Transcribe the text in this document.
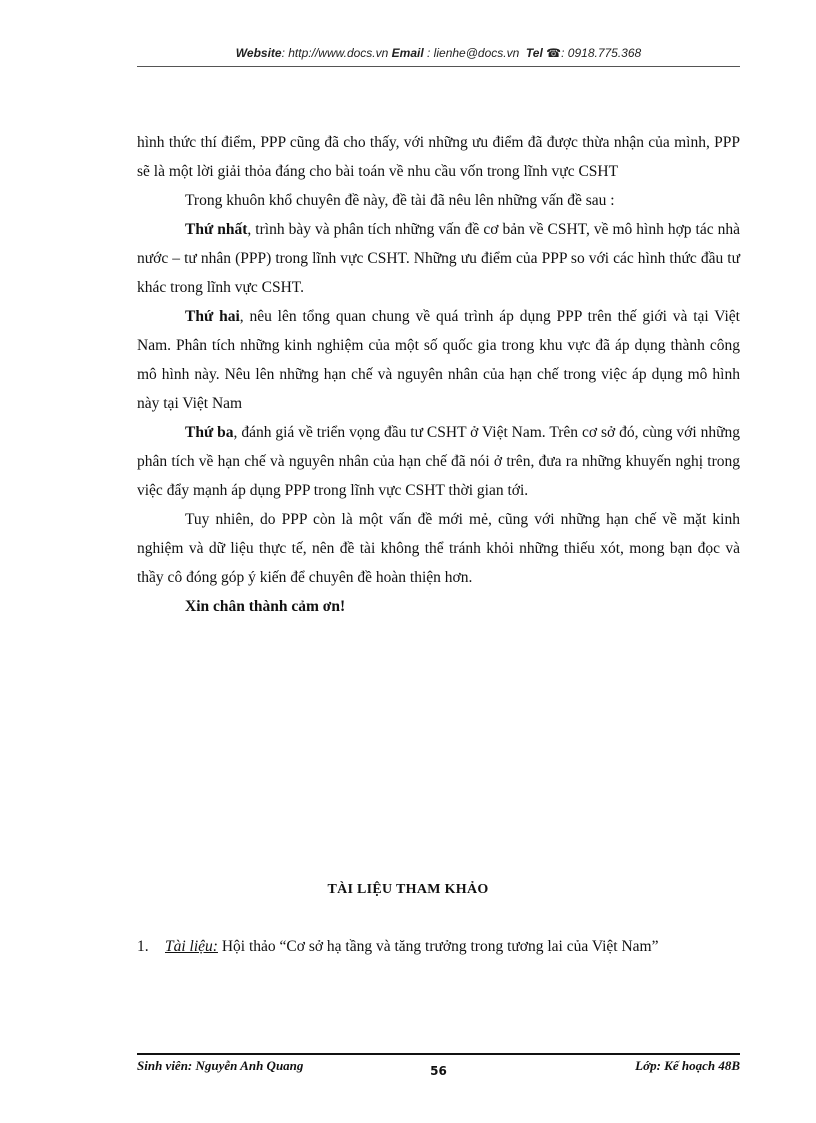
Website: http://www.docs.vn Email : lienhe@docs.vn Tel ☎: 0918.775.368

hình thức thí điểm, PPP cũng đã cho thấy, với những ưu điểm đã được thừa nhận của mình, PPP sẽ là một lời giải thỏa đáng cho bài toán về nhu cầu vốn trong lĩnh vực CSHT

Trong khuôn khổ chuyên đề này, đề tài đã nêu lên những vấn đề sau :

Thứ nhất, trình bày và phân tích những vấn đề cơ bản về CSHT, về mô hình hợp tác nhà nước – tư nhân (PPP) trong lĩnh vực CSHT. Những ưu điểm của PPP so với các hình thức đầu tư khác trong lĩnh vực CSHT.

Thứ hai, nêu lên tổng quan chung về quá trình áp dụng PPP trên thế giới và tại Việt Nam. Phân tích những kinh nghiệm của một số quốc gia trong khu vực đã áp dụng thành công mô hình này. Nêu lên những hạn chế và nguyên nhân của hạn chế trong việc áp dụng mô hình này tại Việt Nam

Thứ ba, đánh giá về triển vọng đầu tư CSHT ở Việt Nam. Trên cơ sở đó, cùng với những phân tích về hạn chế và nguyên nhân của hạn chế đã nói ở trên, đưa ra những khuyến nghị trong việc đẩy mạnh áp dụng PPP trong lĩnh vực CSHT thời gian tới.

Tuy nhiên, do PPP còn là một vấn đề mới mẻ, cũng với những hạn chế về mặt kinh nghiệm và dữ liệu thực tế, nên đề tài không thể tránh khỏi những thiếu xót, mong bạn đọc và thầy cô đóng góp ý kiến để chuyên đề hoàn thiện hơn.

Xin chân thành cảm ơn!

TÀI LIỆU THAM KHẢO
1. Tài liệu: Hội thảo “Cơ sở hạ tầng và tăng trưởng trong tương lai của Việt Nam”
Sinh viên: Nguyễn Anh Quang	56	Lớp: Kế hoạch 48B
